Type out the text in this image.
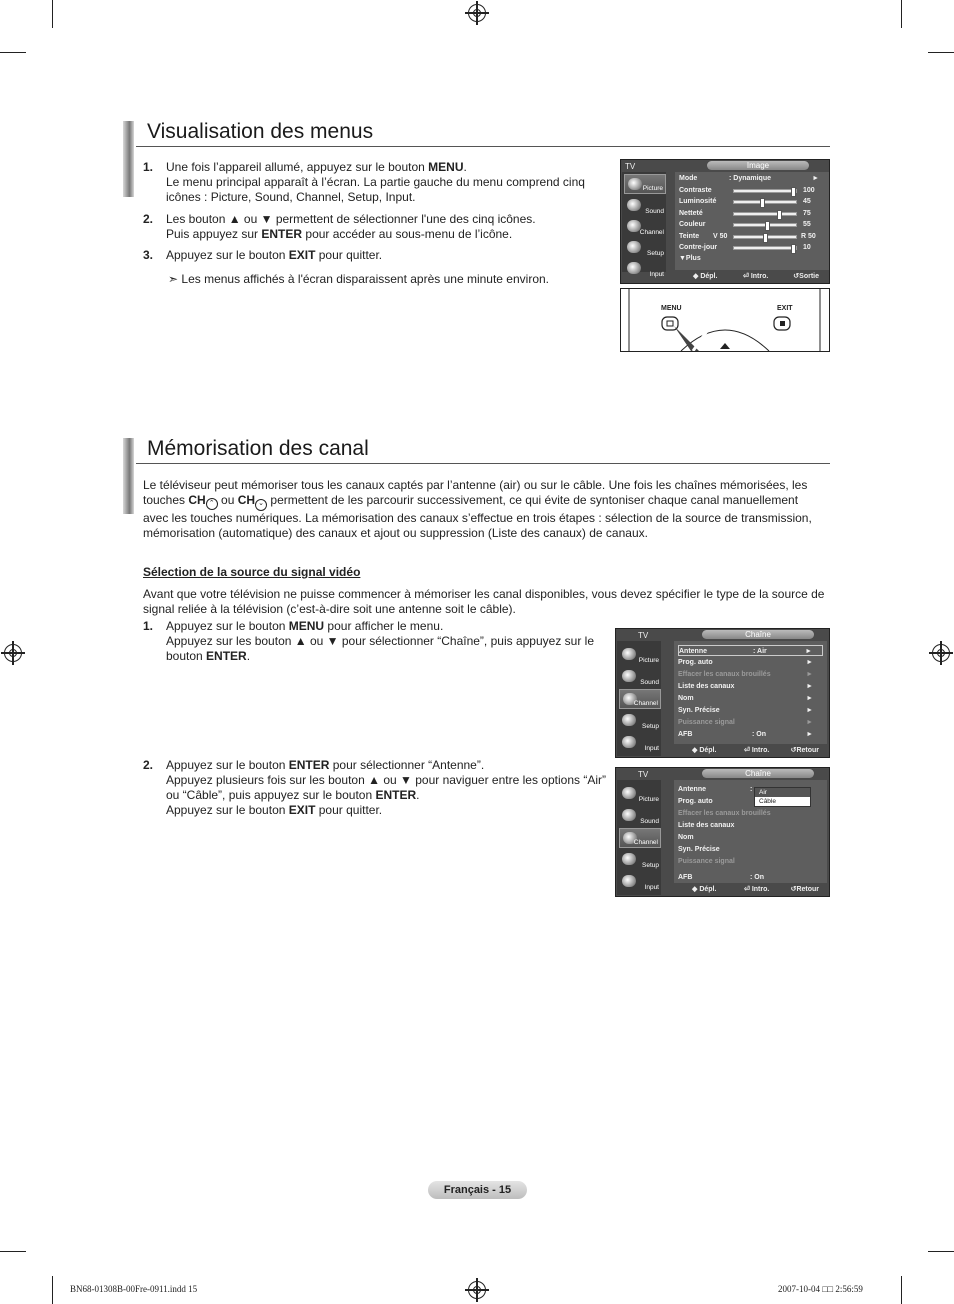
Visualisation des menus
1. Une fois l’appareil allumé, appuyez sur le bouton MENU.
Le menu principal apparaît à l’écran. La partie gauche du menu comprend cinq
icônes : Picture, Sound, Channel, Setup, Input.
2. Les bouton ▲ ou ▼ permettent de sélectionner l'une des cinq icônes.
Puis appuyez sur ENTER pour accéder au sous-menu de l’icône.
3. Appuyez sur le bouton EXIT pour quitter.
➣ Les menus affichés à l'écran disparaissent après une minute environ.
TV	Image
Picture
Sound
Channel
Setup
Input
Mode	: Dynamique	►
Contraste	100
Luminosité	45
Netteté	75
Couleur	55
Teinte V 50	R 50
Contre-jour	10
▼Plus
◆ Dépl.	⏎ Intro.	↺Sortie
MENU	EXIT
Mémorisation des canal
Le téléviseur peut mémoriser tous les canaux captés par l’antenne (air) ou sur le câble. Une fois les chaînes mémorisées, les
touches CH ⌃ ou CH ⌄ permettent de les parcourir successivement, ce qui évite de syntoniser chaque canal manuellement
avec les touches numériques. La mémorisation des canaux s’effectue en trois étapes : sélection de la source de transmission,
mémorisation (automatique) des canaux et ajout ou suppression (Liste des canaux) de canaux.
Sélection de la source du signal vidéo
Avant que votre télévision ne puisse commencer à mémoriser les canal disponibles, vous devez spécifier le type de la source de
signal reliée à la télévision (c’est-à-dire soit une antenne soit le câble).
1. Appuyez sur le bouton MENU pour afficher le menu.
Appuyez sur les bouton ▲ ou ▼ pour sélectionner “Chaîne”, puis appuyez sur le
bouton ENTER.
2. Appuyez sur le bouton ENTER pour sélectionner “Antenne”.
Appuyez plusieurs fois sur les bouton ▲ ou ▼ pour naviguer entre les options “Air”
ou “Câble”, puis appuyez sur le bouton ENTER.
Appuyez sur le bouton EXIT pour quitter.
TV	Chaîne
Picture
Sound
Channel
Setup
Input
Antenne	: Air	►
Prog. auto	►
Effacer les canaux brouillés	►
Liste des canaux	►
Nom	►
Syn. Précise	►
Puissance signal	►
AFB	: On	►
◆ Dépl.	⏎ Intro.	↺Retour
TV	Chaîne
Picture
Sound
Channel
Setup
Input
Antenne	:
Prog. auto
Effacer les canaux brouillés
Liste des canaux
Nom
Syn. Précise
Puissance signal
AFB	: On
Air
Câble
◆ Dépl.	⏎ Intro.	↺Retour
Français - 15
BN68-01308B-00Fre-0911.indd 15	2007-10-04 □□ 2:56:59
